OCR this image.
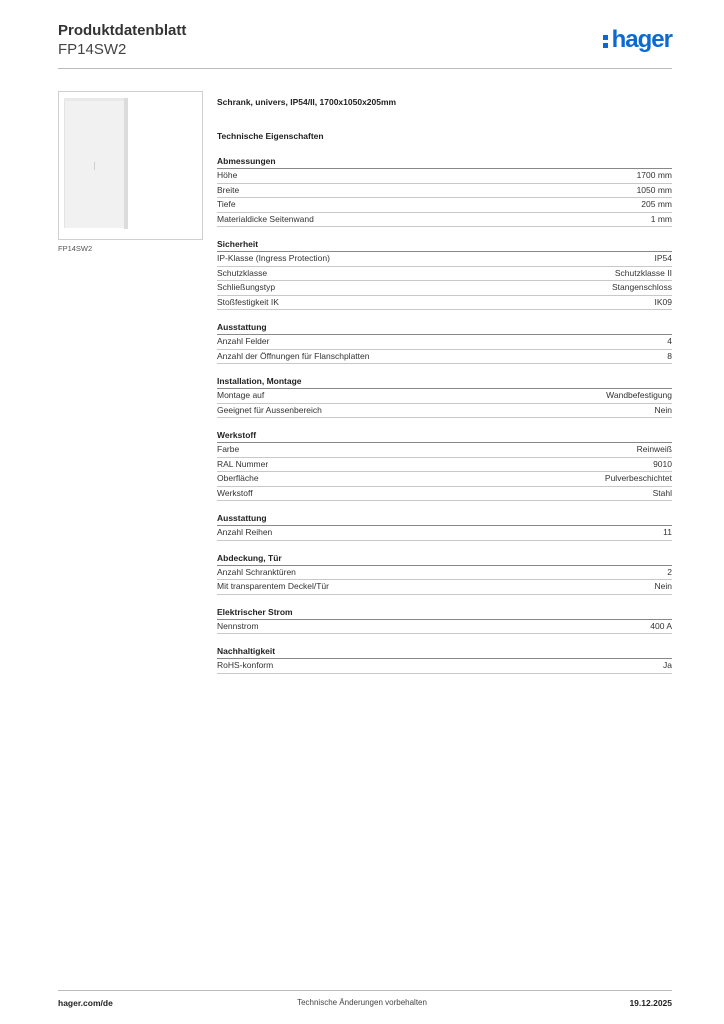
Produktdatenblatt
FP14SW2	hager
FP14SW2
Schrank, univers, IP54/II, 1700x1050x205mm
Technische Eigenschaften
Abmessungen
Höhe	1700 mm
Breite	1050 mm
Tiefe	205 mm
Materialdicke Seitenwand	1 mm
Sicherheit
IP-Klasse (Ingress Protection)	IP54
Schutzklasse	Schutzklasse II
Schließungstyp	Stangenschloss
Stoßfestigkeit IK	IK09
Ausstattung
Anzahl Felder	4
Anzahl der Öffnungen für Flanschplatten	8
Installation, Montage
Montage auf	Wandbefestigung
Geeignet für Aussenbereich	Nein
Werkstoff
Farbe	Reinweiß
RAL Nummer	9010
Oberfläche	Pulverbeschichtet
Werkstoff	Stahl
Ausstattung
Anzahl Reihen	11
Abdeckung, Tür
Anzahl Schranktüren	2
Mit transparentem Deckel/Tür	Nein
Elektrischer Strom
Nennstrom	400 A
Nachhaltigkeit
RoHS-konform	Ja
hager.com/de	Technische Änderungen vorbehalten	19.12.2025
